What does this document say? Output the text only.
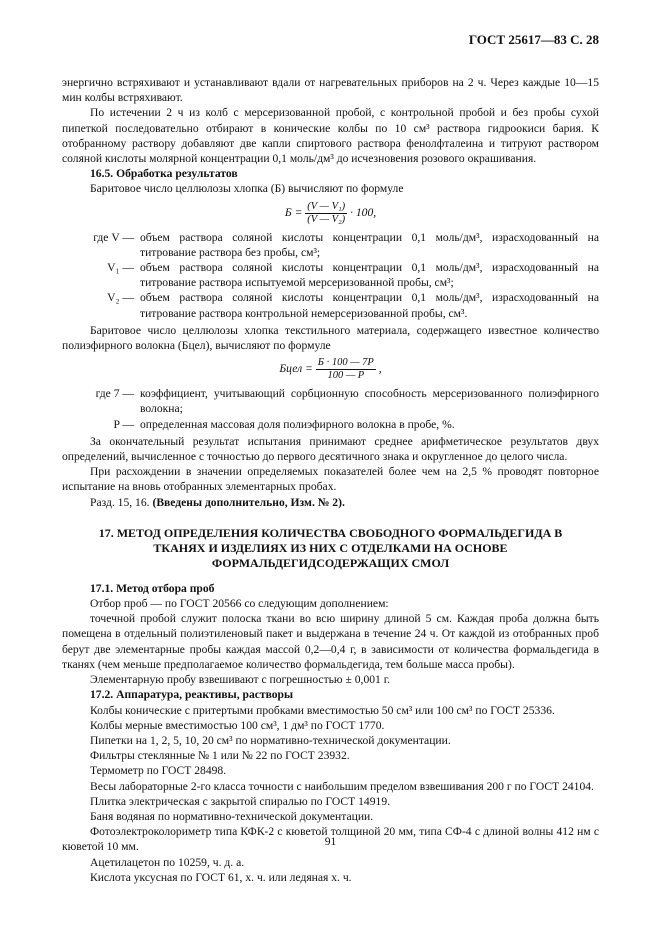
ГОСТ 25617—83 С. 28

энергично встряхивают и устанавливают вдали от нагревательных приборов на 2 ч. Через каждые 10—15 мин колбы встряхивают.

По истечении 2 ч из колб с мерсеризованной пробой, с контрольной пробой и без пробы сухой пипеткой последовательно отбирают в конические колбы по 10 см³ раствора гидроокиси бария. К отобранному раствору добавляют две капли спиртового раствора фенолфталеина и титруют раствором соляной кислоты молярной концентрации 0,1 моль/дм³ до исчезновения розового окрашивания.

16.5. Обработка результатов

Баритовое число целлюлозы хлопка (Б) вычисляют по формуле

$Б = \frac{\text{(V — V₁)}}{\text{(V — V₂)}} \cdot 100$,
где V — объем раствора соляной кислоты концентрации 0,1 моль/дм³, израсходованный на титрование раствора без пробы, см³;
V₁ — объем раствора соляной кислоты концентрации 0,1 моль/дм³, израсходованный на титрование раствора испытуемой мерсеризованной пробы, см³;
V₂ — объем раствора соляной кислоты концентрации 0,1 моль/дм³, израсходованный на титрование раствора контрольной немерсеризованной пробы, см³.

Баритовое число целлюлозы хлопка текстильного материала, содержащего известное количество полиэфирного волокна (Бцел), вычисляют по формуле

Бцел = $\frac{Б \cdot 100 — 7P}{100 — P}$ ,
где 7 — коэффициент, учитывающий сорбционную способность мерсеризованного полиэфирного волокна;
P — определенная массовая доля полиэфирного волокна в пробе, %.

За окончательный результат испытания принимают среднее арифметическое результатов двух определений, вычисленное с точностью до первого десятичного знака и округленное до целого числа.

При расхождении в значении определяемых показателей более чем на 2,5 % проводят повторное испытание на вновь отобранных элементарных пробах.

Разд. 15, 16. (Введены дополнительно, Изм. № 2).

17. МЕТОД ОПРЕДЕЛЕНИЯ КОЛИЧЕСТВА СВОБОДНОГО ФОРМАЛЬДЕГИДА В ТКАНЯХ И ИЗДЕЛИЯХ ИЗ НИХ С ОТДЕЛКАМИ НА ОСНОВЕ ФОРМАЛЬДЕГИДСОДЕРЖАЩИХ СМОЛ

17.1. Метод отбора проб

Отбор проб — по ГОСТ 20566 со следующим дополнением:

точечной пробой служит полоска ткани во всю ширину длиной 5 см. Каждая проба должна быть помещена в отдельный полиэтиленовый пакет и выдержана в течение 24 ч. От каждой из отобранных проб берут две элементарные пробы каждая массой 0,2—0,4 г, в зависимости от количества формальдегида в тканях (чем меньше предполагаемое количество формальдегида, тем больше масса пробы).

Элементарную пробу взвешивают с погрешностью ± 0,001 г.

17.2. Аппаратура, реактивы, растворы

Колбы конические с притертыми пробками вместимостью 50 см³ или 100 см³ по ГОСТ 25336.

Колбы мерные вместимостью 100 см³, 1 дм³ по ГОСТ 1770.

Пипетки на 1, 2, 5, 10, 20 см³ по нормативно-технической документации.

Фильтры стеклянные № 1 или № 22 по ГОСТ 23932.

Термометр по ГОСТ 28498.

Весы лабораторные 2-го класса точности с наибольшим пределом взвешивания 200 г по ГОСТ 24104.

Плитка электрическая с закрытой спиралью по ГОСТ 14919.

Баня водяная по нормативно-технической документации.

Фотоэлектроколориметр типа КФК-2 с кюветой толщиной 20 мм, типа СФ-4 с длиной волны 412 нм с кюветой 10 мм.

Ацетилацетон по 10259, ч. д. а.

Кислота уксусная по ГОСТ 61, х. ч. или ледяная х. ч.

91
